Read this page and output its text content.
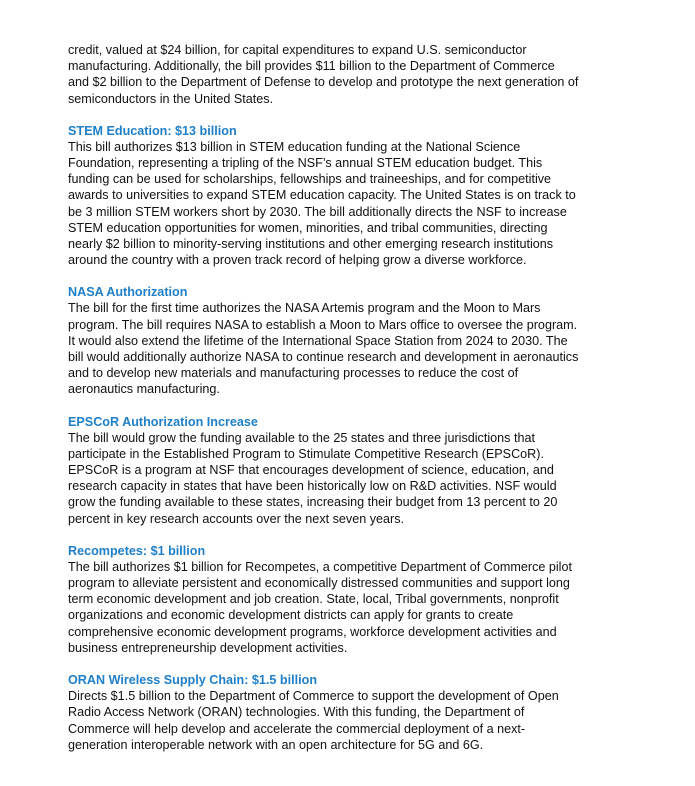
credit, valued at $24 billion, for capital expenditures to expand U.S. semiconductor
manufacturing. Additionally, the bill provides $11 billion to the Department of Commerce
and $2 billion to the Department of Defense to develop and prototype the next generation of
semiconductors in the United States.

STEM Education: $13 billion

This bill authorizes $13 billion in STEM education funding at the National Science
Foundation, representing a tripling of the NSF’s annual STEM education budget. This
funding can be used for scholarships, fellowships and traineeships, and for competitive
awards to universities to expand STEM education capacity. The United States is on track to
be 3 million STEM workers short by 2030. The bill additionally directs the NSF to increase
STEM education opportunities for women, minorities, and tribal communities, directing
nearly $2 billion to minority-serving institutions and other emerging research institutions
around the country with a proven track record of helping grow a diverse workforce.

NASA Authorization

The bill for the first time authorizes the NASA Artemis program and the Moon to Mars
program. The bill requires NASA to establish a Moon to Mars office to oversee the program.
It would also extend the lifetime of the International Space Station from 2024 to 2030. The
bill would additionally authorize NASA to continue research and development in aeronautics
and to develop new materials and manufacturing processes to reduce the cost of
aeronautics manufacturing.

EPSCoR Authorization Increase

The bill would grow the funding available to the 25 states and three jurisdictions that
participate in the Established Program to Stimulate Competitive Research (EPSCoR).
EPSCoR is a program at NSF that encourages development of science, education, and
research capacity in states that have been historically low on R&D activities. NSF would
grow the funding available to these states, increasing their budget from 13 percent to 20
percent in key research accounts over the next seven years.

Recompetes: $1 billion

The bill authorizes $1 billion for Recompetes, a competitive Department of Commerce pilot
program to alleviate persistent and economically distressed communities and support long
term economic development and job creation. State, local, Tribal governments, nonprofit
organizations and economic development districts can apply for grants to create
comprehensive economic development programs, workforce development activities and
business entrepreneurship development activities.

ORAN Wireless Supply Chain: $1.5 billion

Directs $1.5 billion to the Department of Commerce to support the development of Open
Radio Access Network (ORAN) technologies. With this funding, the Department of
Commerce will help develop and accelerate the commercial deployment of a next-
generation interoperable network with an open architecture for 5G and 6G.
